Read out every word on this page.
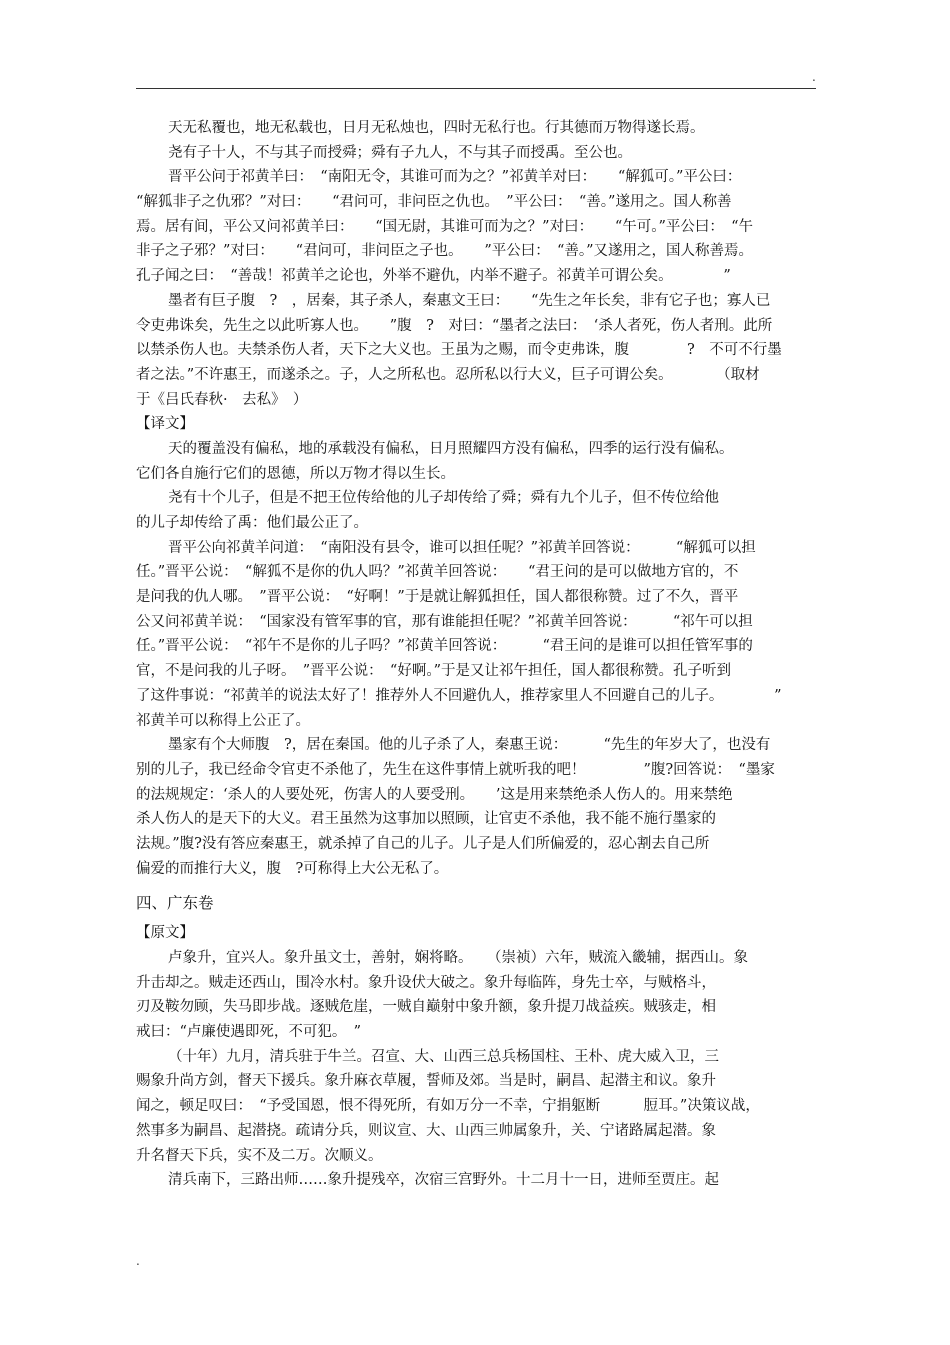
.
天无私覆也，地无私载也，日月无私烛也，四时无私行也。行其德而万物得遂长焉。
尧有子十人，不与其子而授舜；舜有子九人，不与其子而授禹。至公也。
晋平公问于祁黄羊曰：　“南阳无令，其谁可而为之？”祁黄羊对曰：　　“解狐可。”平公曰：
“解狐非子之仇邪？”对曰：　　“君问可，非问臣之仇也。　”平公曰：　“善。”遂用之。国人称善
焉。居有间，平公又问祁黄羊曰：　　“国无尉，其谁可而为之？”对曰：　　“午可。”平公曰：　“午
非子之子邪？”对曰：　　“君问可，非问臣之子也。　　”平公曰：　“善。”又遂用之，国人称善焉。
孔子闻之曰：　“善哉！祁黄羊之论也，外举不避仇，内举不避子。祁黄羊可谓公矣。　　　　”
墨者有巨子腹　?　，居秦，其子杀人，秦惠文王曰：　　“先生之年长矣，非有它子也；寡人已
令吏弗诛矣，先生之以此听寡人也。　　”腹　?　对曰：“墨者之法曰：　‘杀人者死，伤人者刑。此所
以禁杀伤人也。夫禁杀伤人者，天下之大义也。王虽为之赐，而令吏弗诛，腹　　　　?　不可不行墨
者之法。”不许惠王，而遂杀之。子，人之所私也。忍所私以行大义，巨子可谓公矣。　　　　（取材
于《吕氏春秋·　去私》　）
【译文】
天的覆盖没有偏私，地的承载没有偏私，日月照耀四方没有偏私，四季的运行没有偏私。
它们各自施行它们的恩德，所以万物才得以生长。
尧有十个儿子，但是不把王位传给他的儿子却传给了舜；舜有九个儿子，但不传位给他
的儿子却传给了禹：他们最公正了。
晋平公向祁黄羊问道：　“南阳没有县令，谁可以担任呢？”祁黄羊回答说：　　　“解狐可以担
任。”晋平公说：　“解狐不是你的仇人吗？”祁黄羊回答说：　　“君王问的是可以做地方官的，不
是问我的仇人哪。　”晋平公说：　“好啊！”于是就让解狐担任，国人都很称赞。过了不久，晋平
公又问祁黄羊说：　“国家没有管军事的官，那有谁能担任呢？”祁黄羊回答说：　　　“祁午可以担
任。”晋平公说：　“祁午不是你的儿子吗？”祁黄羊回答说：　　　“君王问的是谁可以担任管军事的
官，不是问我的儿子呀。　”晋平公说：　“好啊。”于是又让祁午担任，国人都很称赞。孔子听到
了这件事说：“祁黄羊的说法太好了！推荐外人不回避仇人，推荐家里人不回避自己的儿子。　　　　”
祁黄羊可以称得上公正了。
墨家有个大师腹　?，居在秦国。他的儿子杀了人，秦惠王说：　　　“先生的年岁大了，也没有
别的儿子，我已经命令官吏不杀他了，先生在这件事情上就听我的吧！　　　　”腹?回答说：　“墨家
的法规规定：‘杀人的人要处死，伤害人的人要受刑。　　’这是用来禁绝杀人伤人的。用来禁绝
杀人伤人的是天下的大义。君王虽然为这事加以照顾，让官吏不杀他，我不能不施行墨家的
法规。”腹?没有答应秦惠王，就杀掉了自己的儿子。儿子是人们所偏爱的，忍心割去自己所
偏爱的而推行大义，腹　?可称得上大公无私了。
四、广东卷
【原文】
卢象升，宜兴人。象升虽文士，善射，娴将略。　　（崇祯）六年，贼流入畿辅，据西山。象
升击却之。贼走还西山，围冷水村。象升设伏大破之。象升每临阵，身先士卒，与贼格斗，
刃及鞍勿顾，失马即步战。逐贼危崖，一贼自巅射中象升额，象升提刀战益疾。贼骇走，相
戒曰：“卢廉使遇即死，不可犯。　”
（十年）九月，清兵驻于牛兰。召宣、大、山西三总兵杨国柱、王朴、虎大威入卫，三
赐象升尚方剑，督天下援兵。象升麻衣草履，誓师及郊。当是时，嗣昌、起潜主和议。象升
闻之，顿足叹曰：　“予受国恩，恨不得死所，有如万分一不幸，宁捐躯断　　　脰耳。”决策议战，
然事多为嗣昌、起潜挠。疏请分兵，则议宣、大、山西三帅属象升，关、宁诸路属起潜。象
升名督天下兵，实不及二万。次顺义。
清兵南下，三路出师……象升提残卒，次宿三宫野外。十二月十一日，进师至贾庄。起
.
